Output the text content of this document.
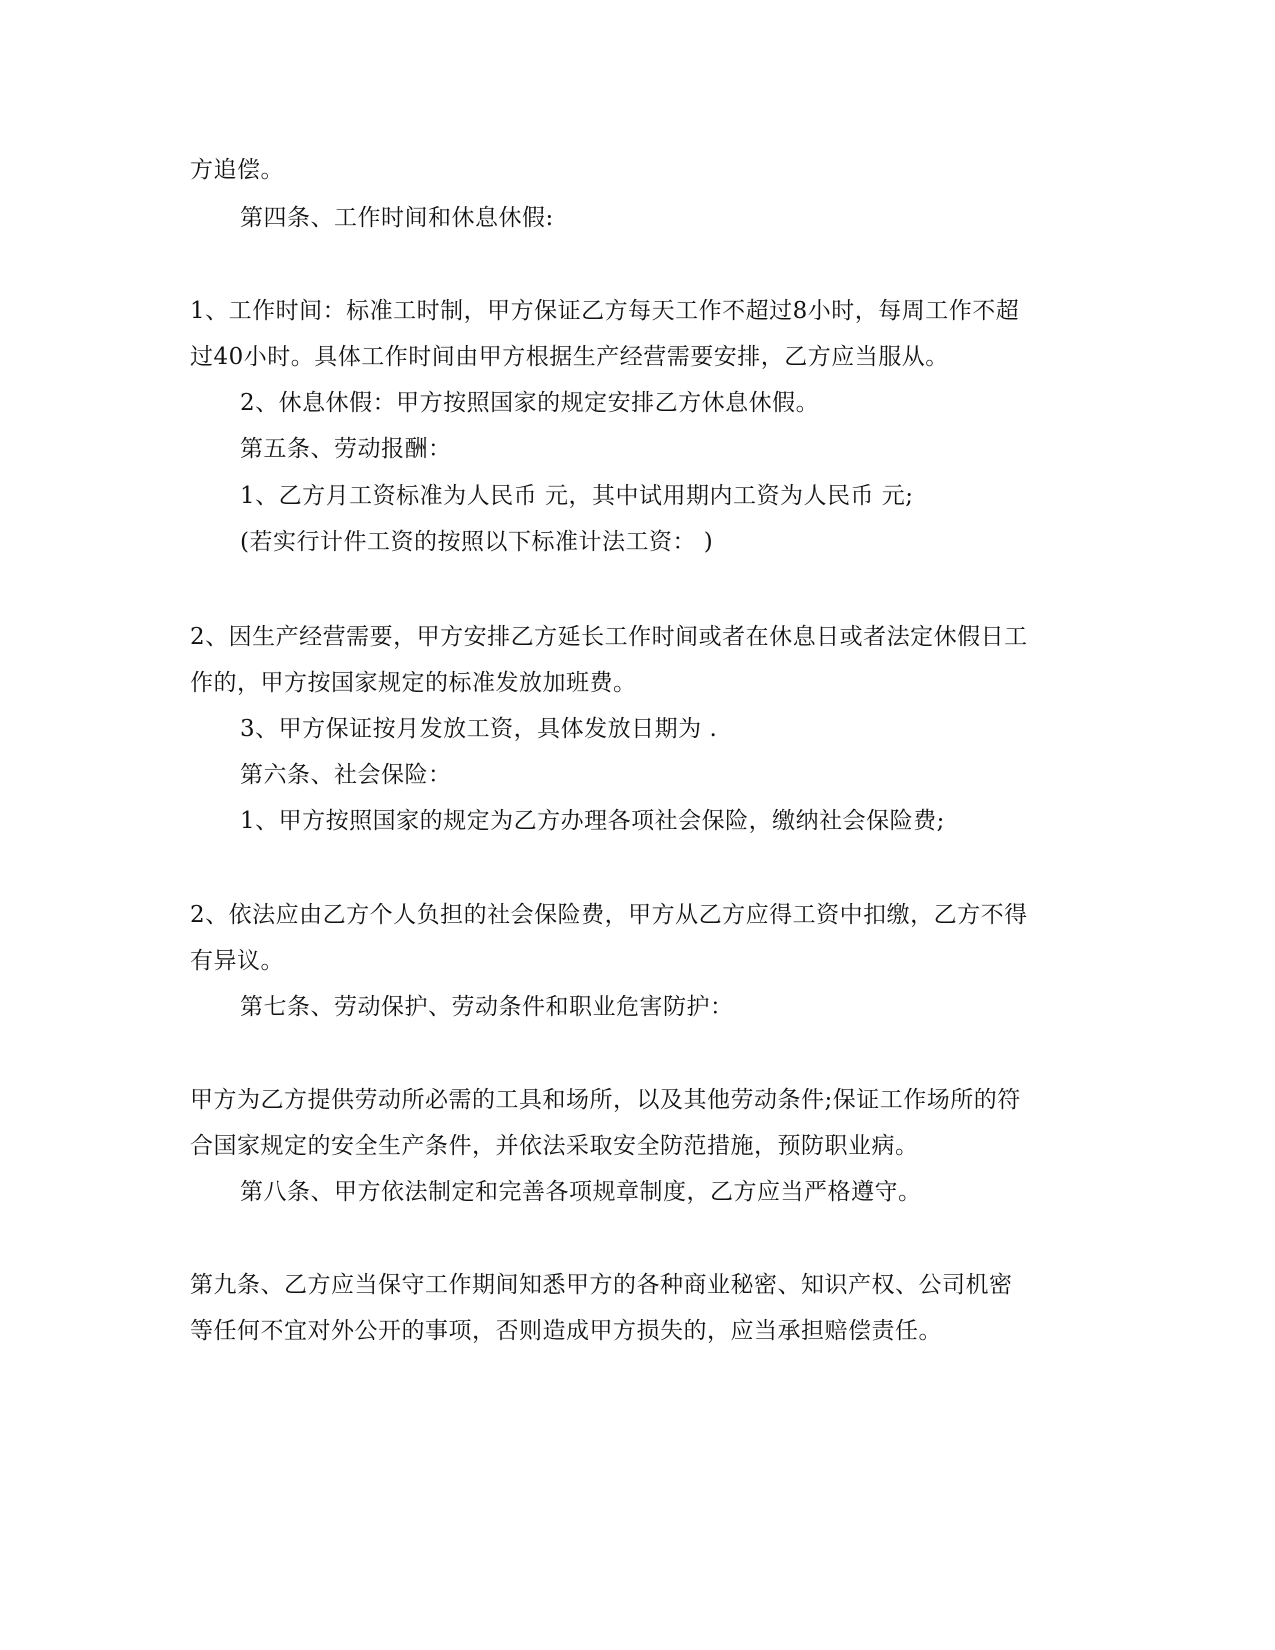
方追偿。
第四条、工作时间和休息休假:
1、工作时间：标准工时制，甲方保证乙方每天工作不超过8小时，每周工作不超
过40小时。具体工作时间由甲方根据生产经营需要安排，乙方应当服从。
2、休息休假：甲方按照国家的规定安排乙方休息休假。
第五条、劳动报酬：
1、乙方月工资标准为人民币 元，其中试用期内工资为人民币 元;
(若实行计件工资的按照以下标准计法工资： )
2、因生产经营需要，甲方安排乙方延长工作时间或者在休息日或者法定休假日工
作的，甲方按国家规定的标准发放加班费。
3、甲方保证按月发放工资，具体发放日期为 .
第六条、社会保险：
1、甲方按照国家的规定为乙方办理各项社会保险，缴纳社会保险费;
2、依法应由乙方个人负担的社会保险费，甲方从乙方应得工资中扣缴，乙方不得
有异议。
第七条、劳动保护、劳动条件和职业危害防护：
甲方为乙方提供劳动所必需的工具和场所，以及其他劳动条件;保证工作场所的符
合国家规定的安全生产条件，并依法采取安全防范措施，预防职业病。
第八条、甲方依法制定和完善各项规章制度，乙方应当严格遵守。
第九条、乙方应当保守工作期间知悉甲方的各种商业秘密、知识产权、公司机密
等任何不宜对外公开的事项，否则造成甲方损失的，应当承担赔偿责任。
